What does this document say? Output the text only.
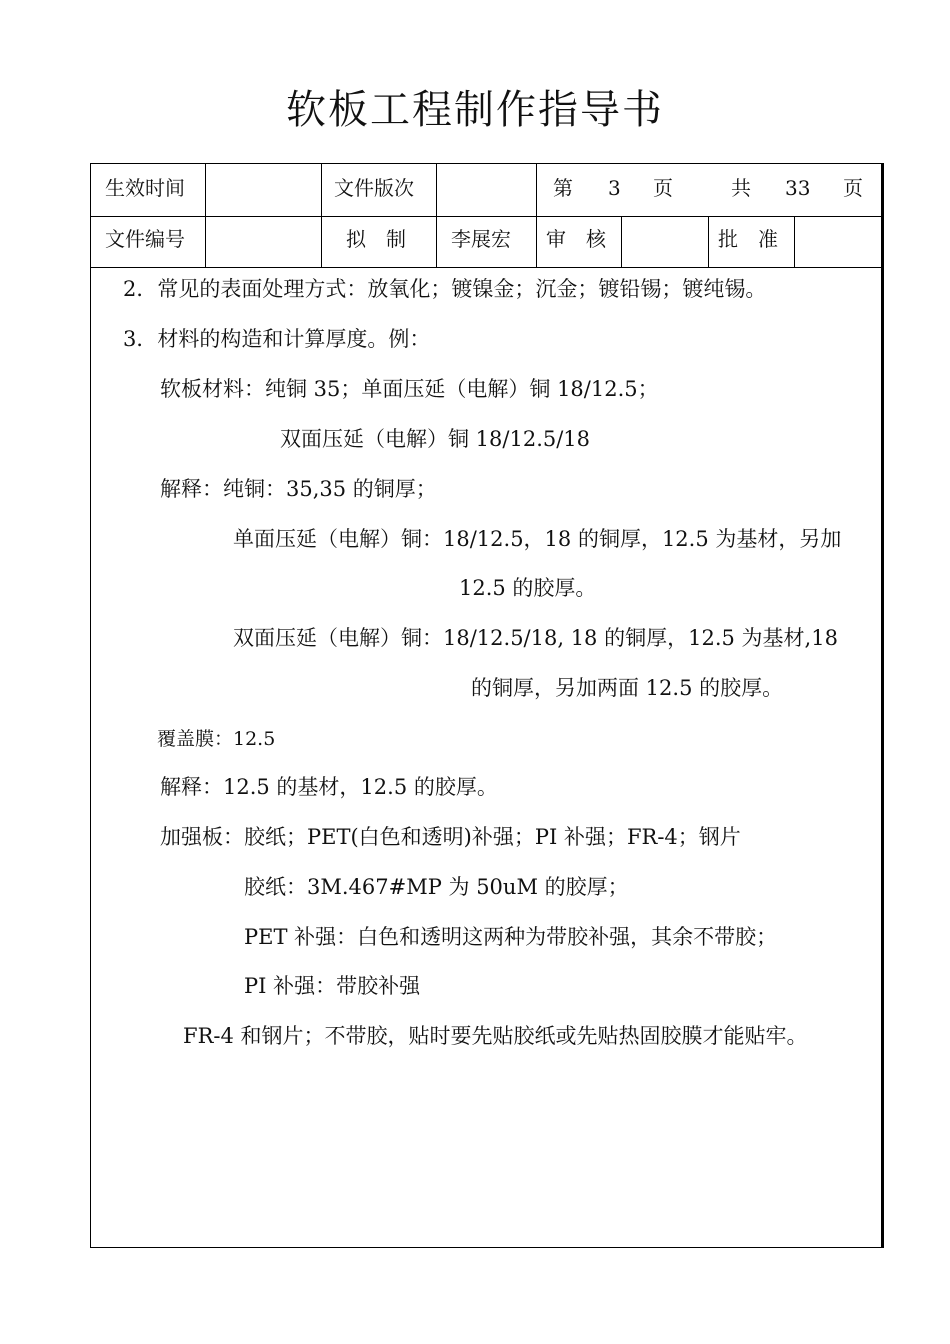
软板工程制作指导书
生效时间	文件版次	第 3 页	共 33 页
文件编号	拟　制 李展宏 审　核	批　准
2．常见的表面处理方式：放氧化；镀镍金；沉金；镀铅锡；镀纯锡。
3．材料的构造和计算厚度。例：
软板材料：纯铜 35；单面压延（电解）铜 18/12.5；
双面压延（电解）铜 18/12.5/18
解释：纯铜：35,35 的铜厚；
单面压延（电解）铜：18/12.5，18 的铜厚，12.5 为基材，另加
12.5 的胶厚。
双面压延（电解）铜：18/12.5/18, 18 的铜厚，12.5 为基材,18
的铜厚，另加两面 12.5 的胶厚。
覆盖膜：12.5
解释：12.5 的基材，12.5 的胶厚。
加强板：胶纸；PET(白色和透明)补强；PI 补强；FR-4；钢片
胶纸：3M.467#MP 为 50uM 的胶厚；
PET 补强：白色和透明这两种为带胶补强，其余不带胶；
PI 补强：带胶补强
FR-4 和钢片；不带胶，贴时要先贴胶纸或先贴热固胶膜才能贴牢。
